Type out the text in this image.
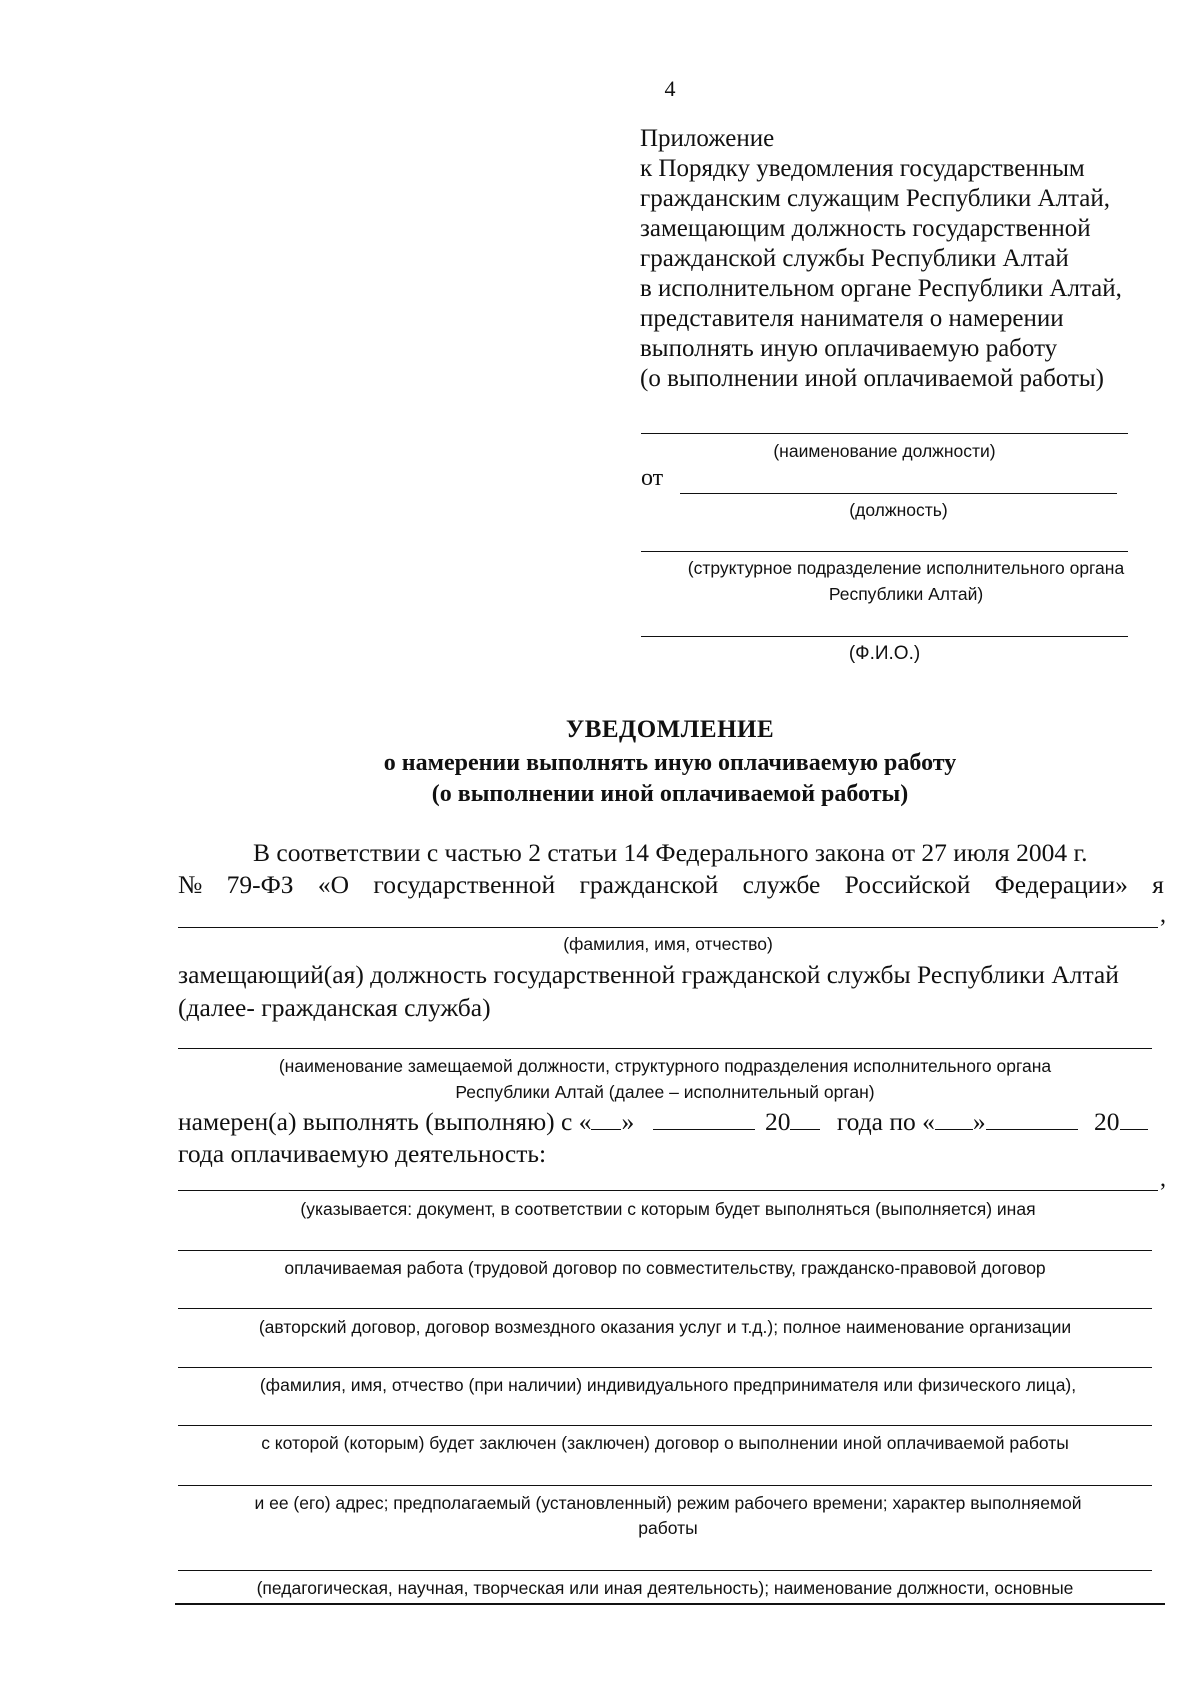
4
Приложение
к Порядку уведомления государственным
гражданским служащим Республики Алтай,
замещающим должность государственной
гражданской службы Республики Алтай
в исполнительном органе Республики Алтай,
представителя нанимателя о намерении
выполнять иную оплачиваемую работу
(о выполнении иной оплачиваемой работы)
(наименование должности)
от
(должность)
(структурное подразделение исполнительного органа
Республики Алтай)
(Ф.И.О.)
УВЕДОМЛЕНИЕ
о намерении выполнять иную оплачиваемую работу
(о выполнении иной оплачиваемой работы)
В соответствии с частью 2 статьи 14 Федерального закона от 27 июля 2004 г.
№ 79-ФЗ «О государственной гражданской службе Российской Федерации» я
,
(фамилия, имя, отчество)
замещающий(ая) должность государственной гражданской службы Республики Алтай
(далее- гражданская служба)
(наименование замещаемой должности, структурного подразделения исполнительного органа
Республики Алтай (далее – исполнительный орган)
намерен(а) выполнять (выполняю) с « »	20 года по « »	20
года оплачиваемую деятельность:
,
(указывается: документ, в соответствии с которым будет выполняться (выполняется) иная
оплачиваемая работа (трудовой договор по совместительству, гражданско-правовой договор
(авторский договор, договор возмездного оказания услуг и т.д.); полное наименование организации
(фамилия, имя, отчество (при наличии) индивидуального предпринимателя или физического лица),
с которой (которым) будет заключен (заключен) договор о выполнении иной оплачиваемой работы
и ее (его) адрес; предполагаемый (установленный) режим рабочего времени; характер выполняемой
работы
(педагогическая, научная, творческая или иная деятельность); наименование должности, основные
